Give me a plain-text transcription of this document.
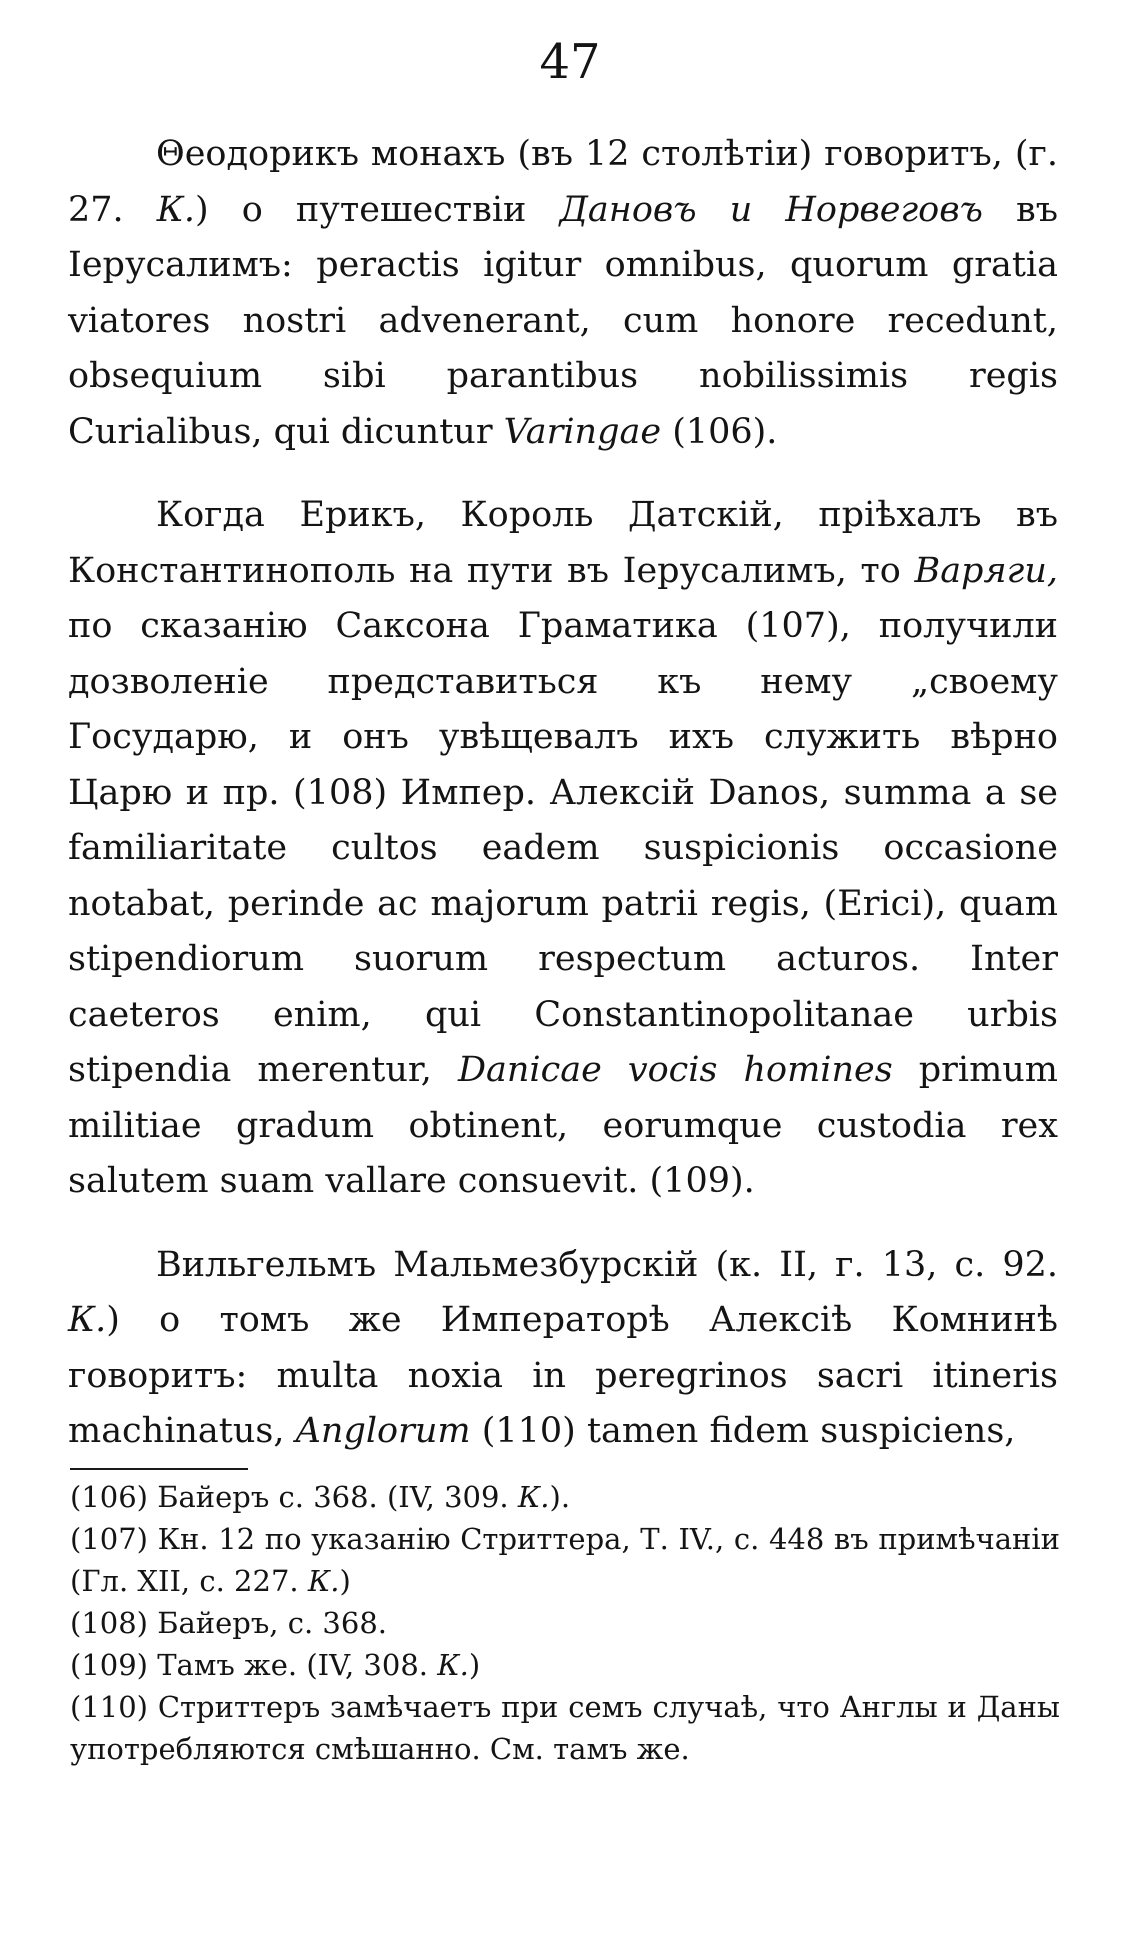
47

Θеодорикъ монахъ (въ 12 столѣтіи) говоритъ, (г. 27. К.) о путешествіи Дановъ и Норвеговъ въ Іерусалимъ: peractis igitur omnibus, quorum gratia viatores nostri advenerant, cum honore recedunt, obsequium sibi parantibus nobilissimis regis Curialibus, qui dicuntur Varingae (106).

Когда Ерикъ, Король Датскій, пріѣхалъ въ Константинополь на пути въ Іерусалимъ, то Варяги, по сказанію Саксона Граматика (107), получили дозволеніе представиться къ нему „своему Государю, и онъ увѣщевалъ ихъ служить вѣрно Царю и пр. (108) Импер. Алексій Danos, summa a se familiaritate cultos eadem suspicionis occasione notabat, perinde ac majorum patrii regis, (Erici), quam stipendiorum suorum respectum acturos. Inter caeteros enim, qui Constantinopolitanae urbis stipendia merentur, Danicae vocis homines primum militiae gradum obtinent, eorumque custodia rex salutem suam vallare consuevit. (109).

Вильгельмъ Мальмезбурскій (к. II, г. 13, с. 92. К.) о томъ же Императорѣ Алексіѣ Комнинѣ говоритъ: multa noxia in peregrinos sacri itineris machinatus, Anglorum (110) tamen fidem suspiciens,

(106) Байеръ с. 368. (IV, 309. К.).

(107) Кн. 12 по указанію Стриттера, Т. IV., с. 448 въ примѣчаніи (Гл. XII, с. 227. К.)

(108) Байеръ, с. 368.

(109) Тамъ же. (IV, 308. К.)

(110) Стриттеръ замѣчаетъ при семъ случаѣ, что Англы и Даны употребляются смѣшанно. См. тамъ же.
